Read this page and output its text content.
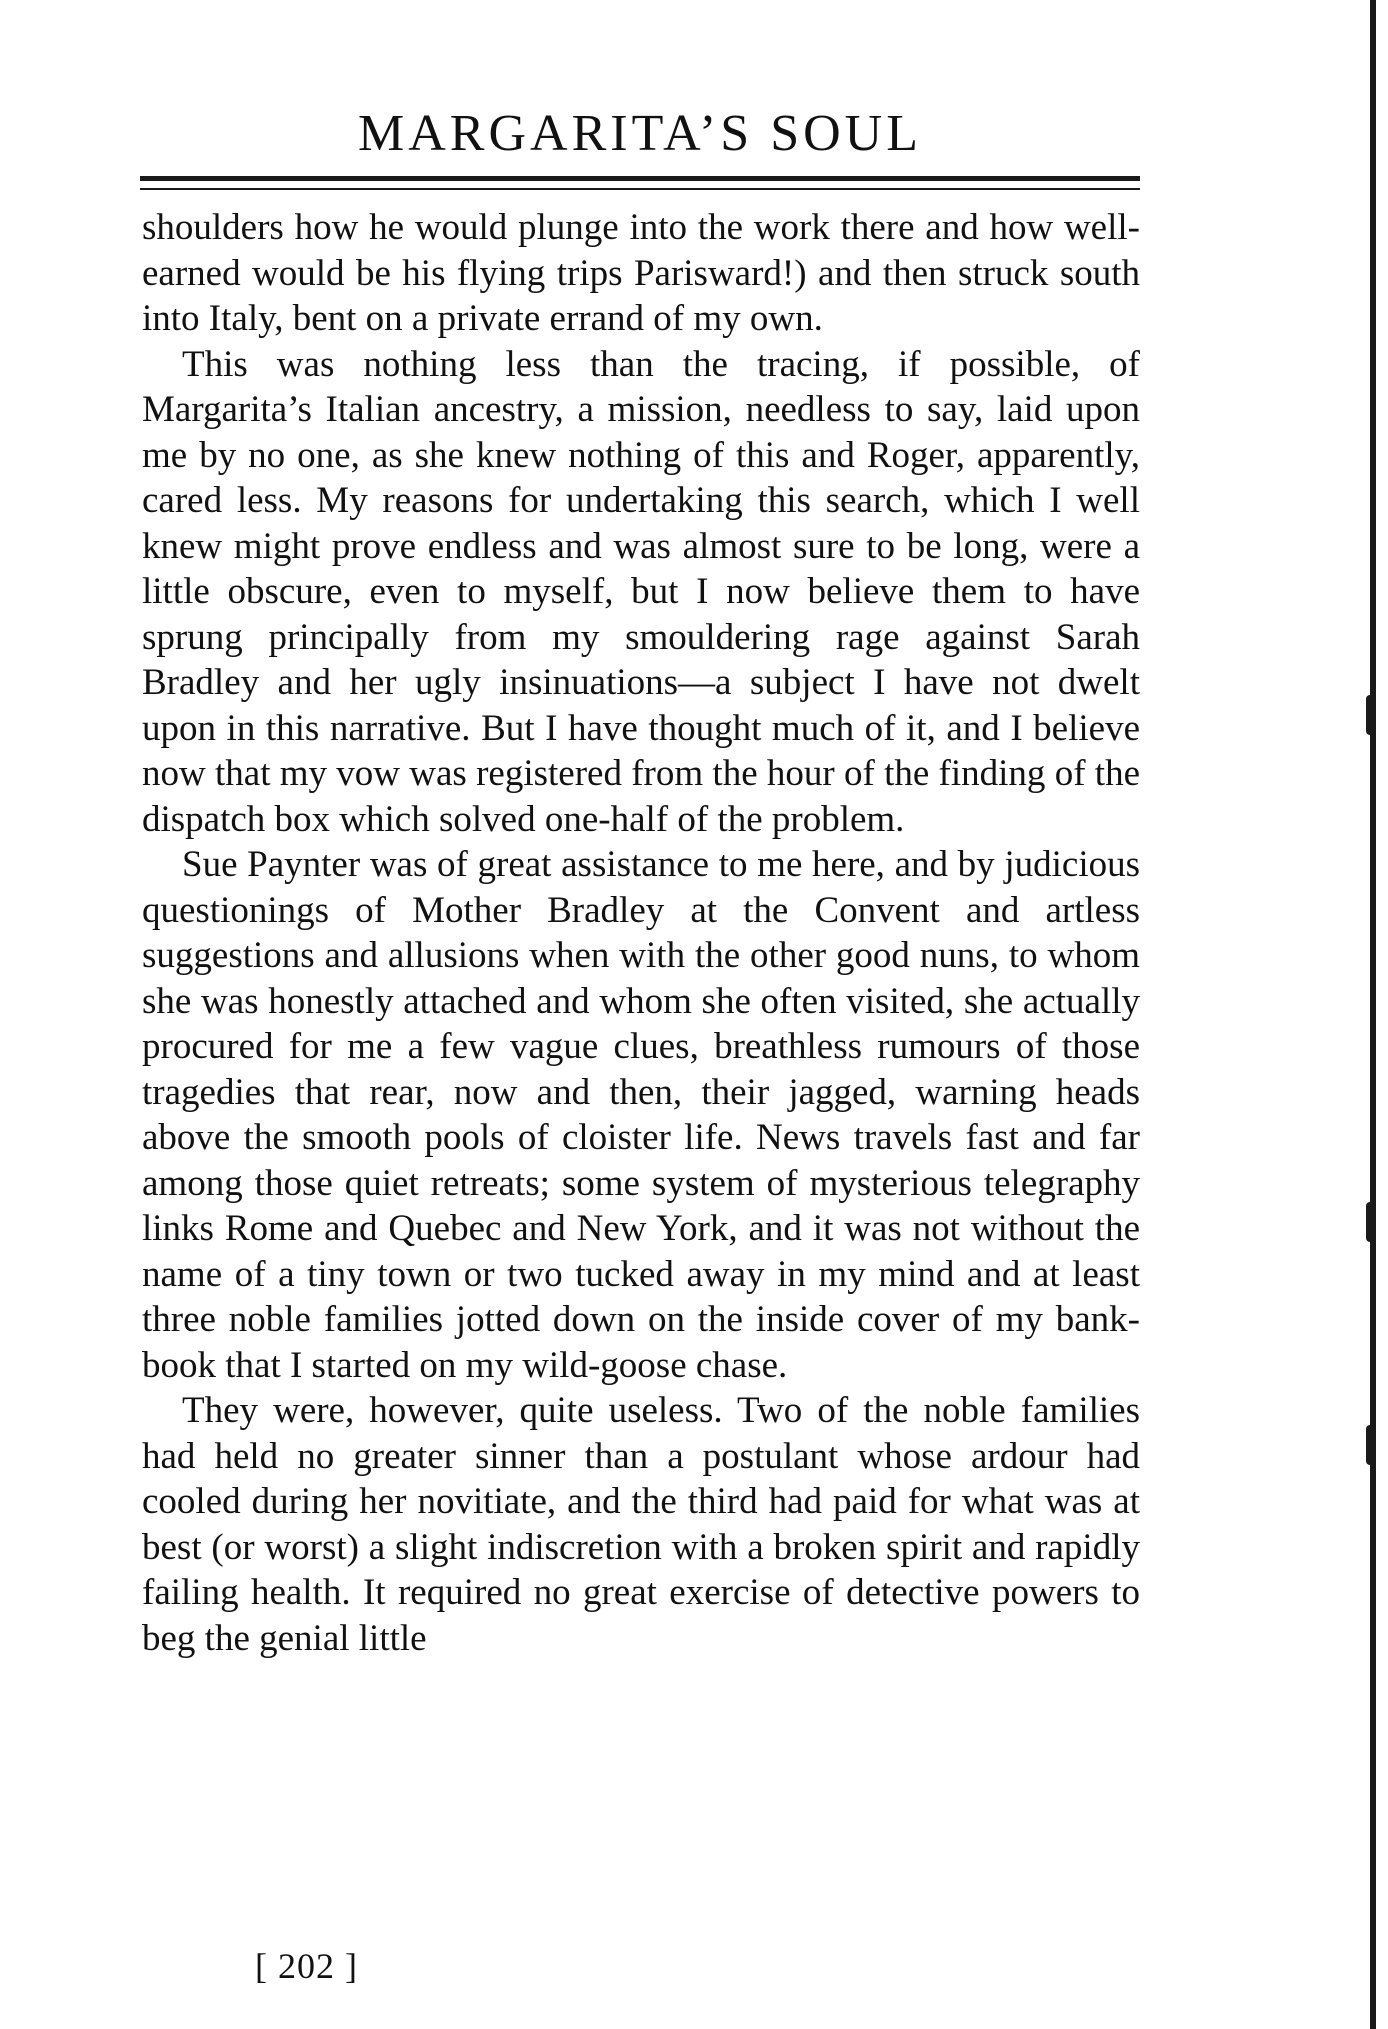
MARGARITA’S SOUL

shoulders how he would plunge into the work there and how well-earned would be his flying trips Parisward!) and then struck south into Italy, bent on a private errand of my own.

This was nothing less than the tracing, if possible, of Margarita’s Italian ancestry, a mission, needless to say, laid upon me by no one, as she knew nothing of this and Roger, apparently, cared less. My reasons for undertaking this search, which I well knew might prove endless and was almost sure to be long, were a little obscure, even to myself, but I now believe them to have sprung principally from my smouldering rage against Sarah Bradley and her ugly insinuations—a subject I have not dwelt upon in this narrative. But I have thought much of it, and I believe now that my vow was registered from the hour of the finding of the dispatch box which solved one-half of the problem.

Sue Paynter was of great assistance to me here, and by judicious questionings of Mother Bradley at the Convent and artless suggestions and allusions when with the other good nuns, to whom she was honestly attached and whom she often visited, she actually procured for me a few vague clues, breathless rumours of those tragedies that rear, now and then, their jagged, warning heads above the smooth pools of cloister life. News travels fast and far among those quiet retreats; some system of mysterious telegraphy links Rome and Quebec and New York, and it was not without the name of a tiny town or two tucked away in my mind and at least three noble families jotted down on the inside cover of my bank-book that I started on my wild-goose chase.

They were, however, quite useless. Two of the noble families had held no greater sinner than a postulant whose ardour had cooled during her novitiate, and the third had paid for what was at best (or worst) a slight indiscretion with a broken spirit and rapidly failing health. It required no great exercise of detective powers to beg the genial little

[ 202 ]
